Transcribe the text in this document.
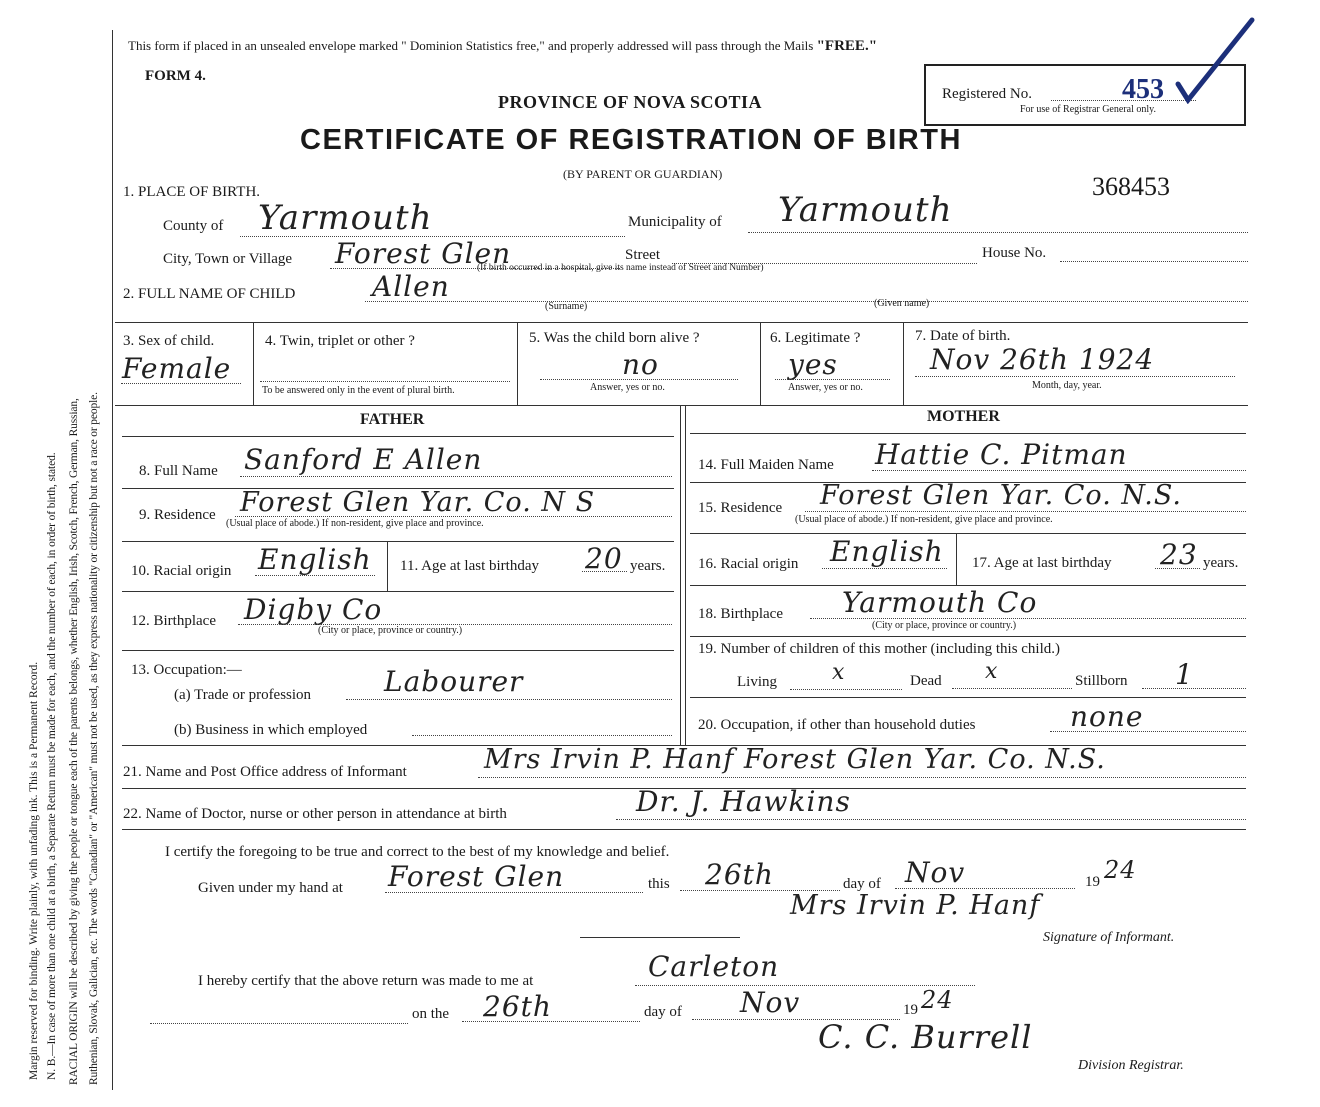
Margin reserved for binding. Write plainly, with unfading ink. This is a Permanent Record. N. B.—In case of more than one child at a birth, a Separate Return must be made for each, and the number of each, in order of birth, stated. RACIAL ORIGIN will be described by giving the people or tongue each of the parents belongs, whether English, Irish, Scotch, French, German, Russian, Ruthenian, Slovak, Galician, etc. The words "Canadian" or "American" must not be used, as they express nationality or citizenship but not a race or people.
This form if placed in an unsealed envelope marked " Dominion Statistics free," and properly addressed will pass through the Mails "FREE."
FORM 4.
PROVINCE OF NOVA SCOTIA	Registered No.	453
For use of Registrar General only.
CERTIFICATE OF REGISTRATION OF BIRTH
(BY PARENT OR GUARDIAN)	368453
1. PLACE OF BIRTH.
County of Yarmouth	Municipality of Yarmouth
City, Town or Village Forest Glen	Street	House No.
(If birth occurred in a hospital, give its name instead of Street and Number)
2. FULL NAME OF CHILD	Allen
(Surname)	(Given name)
3. Sex of child.
Female
4. Twin, triplet or other ?
To be answered only in the event of plural birth.
5. Was the child born alive ?
no
Answer, yes or no.
6. Legitimate ?
yes
Answer, yes or no.
7. Date of birth.
Nov 26th 1924
Month, day, year.
FATHER	MOTHER
8. Full Name Sanford E Allen
9. Residence Forest Glen Yar. Co. N S
(Usual place of abode.) If non-resident, give place and province.
10. Racial origin English 11. Age at last birthday 20 years.
12. Birthplace Digby Co
(City or place, province or country.)
13. Occupation:—
(a) Trade or profession	Labourer
(b) Business in which employed
14. Full Maiden Name Hattie C. Pitman
15. Residence Forest Glen Yar. Co. N.S.
(Usual place of abode.) If non-resident, give place and province.
16. Racial origin English 17. Age at last birthday 23 years.
18. Birthplace Yarmouth Co
(City or place, province or country.)
19. Number of children of this mother (including this child.)
Living	x	Dead x	Stillborn 1
20. Occupation, if other than household duties	none
21. Name and Post Office address of Informant	Mrs Irvin P. Hanf Forest Glen Yar. Co. N.S.
22. Name of Doctor, nurse or other person in attendance at birth	Dr. J. Hawkins
I certify the foregoing to be true and correct to the best of my knowledge and belief.
Given under my hand at Forest Glen	this 26th	day of Nov	19 24
Mrs Irvin P. Hanf
Signature of Informant.
I hereby certify that the above return was made to me at	Carleton
on the 26th	day of Nov	19 24
C. C. Burrell
Division Registrar.
